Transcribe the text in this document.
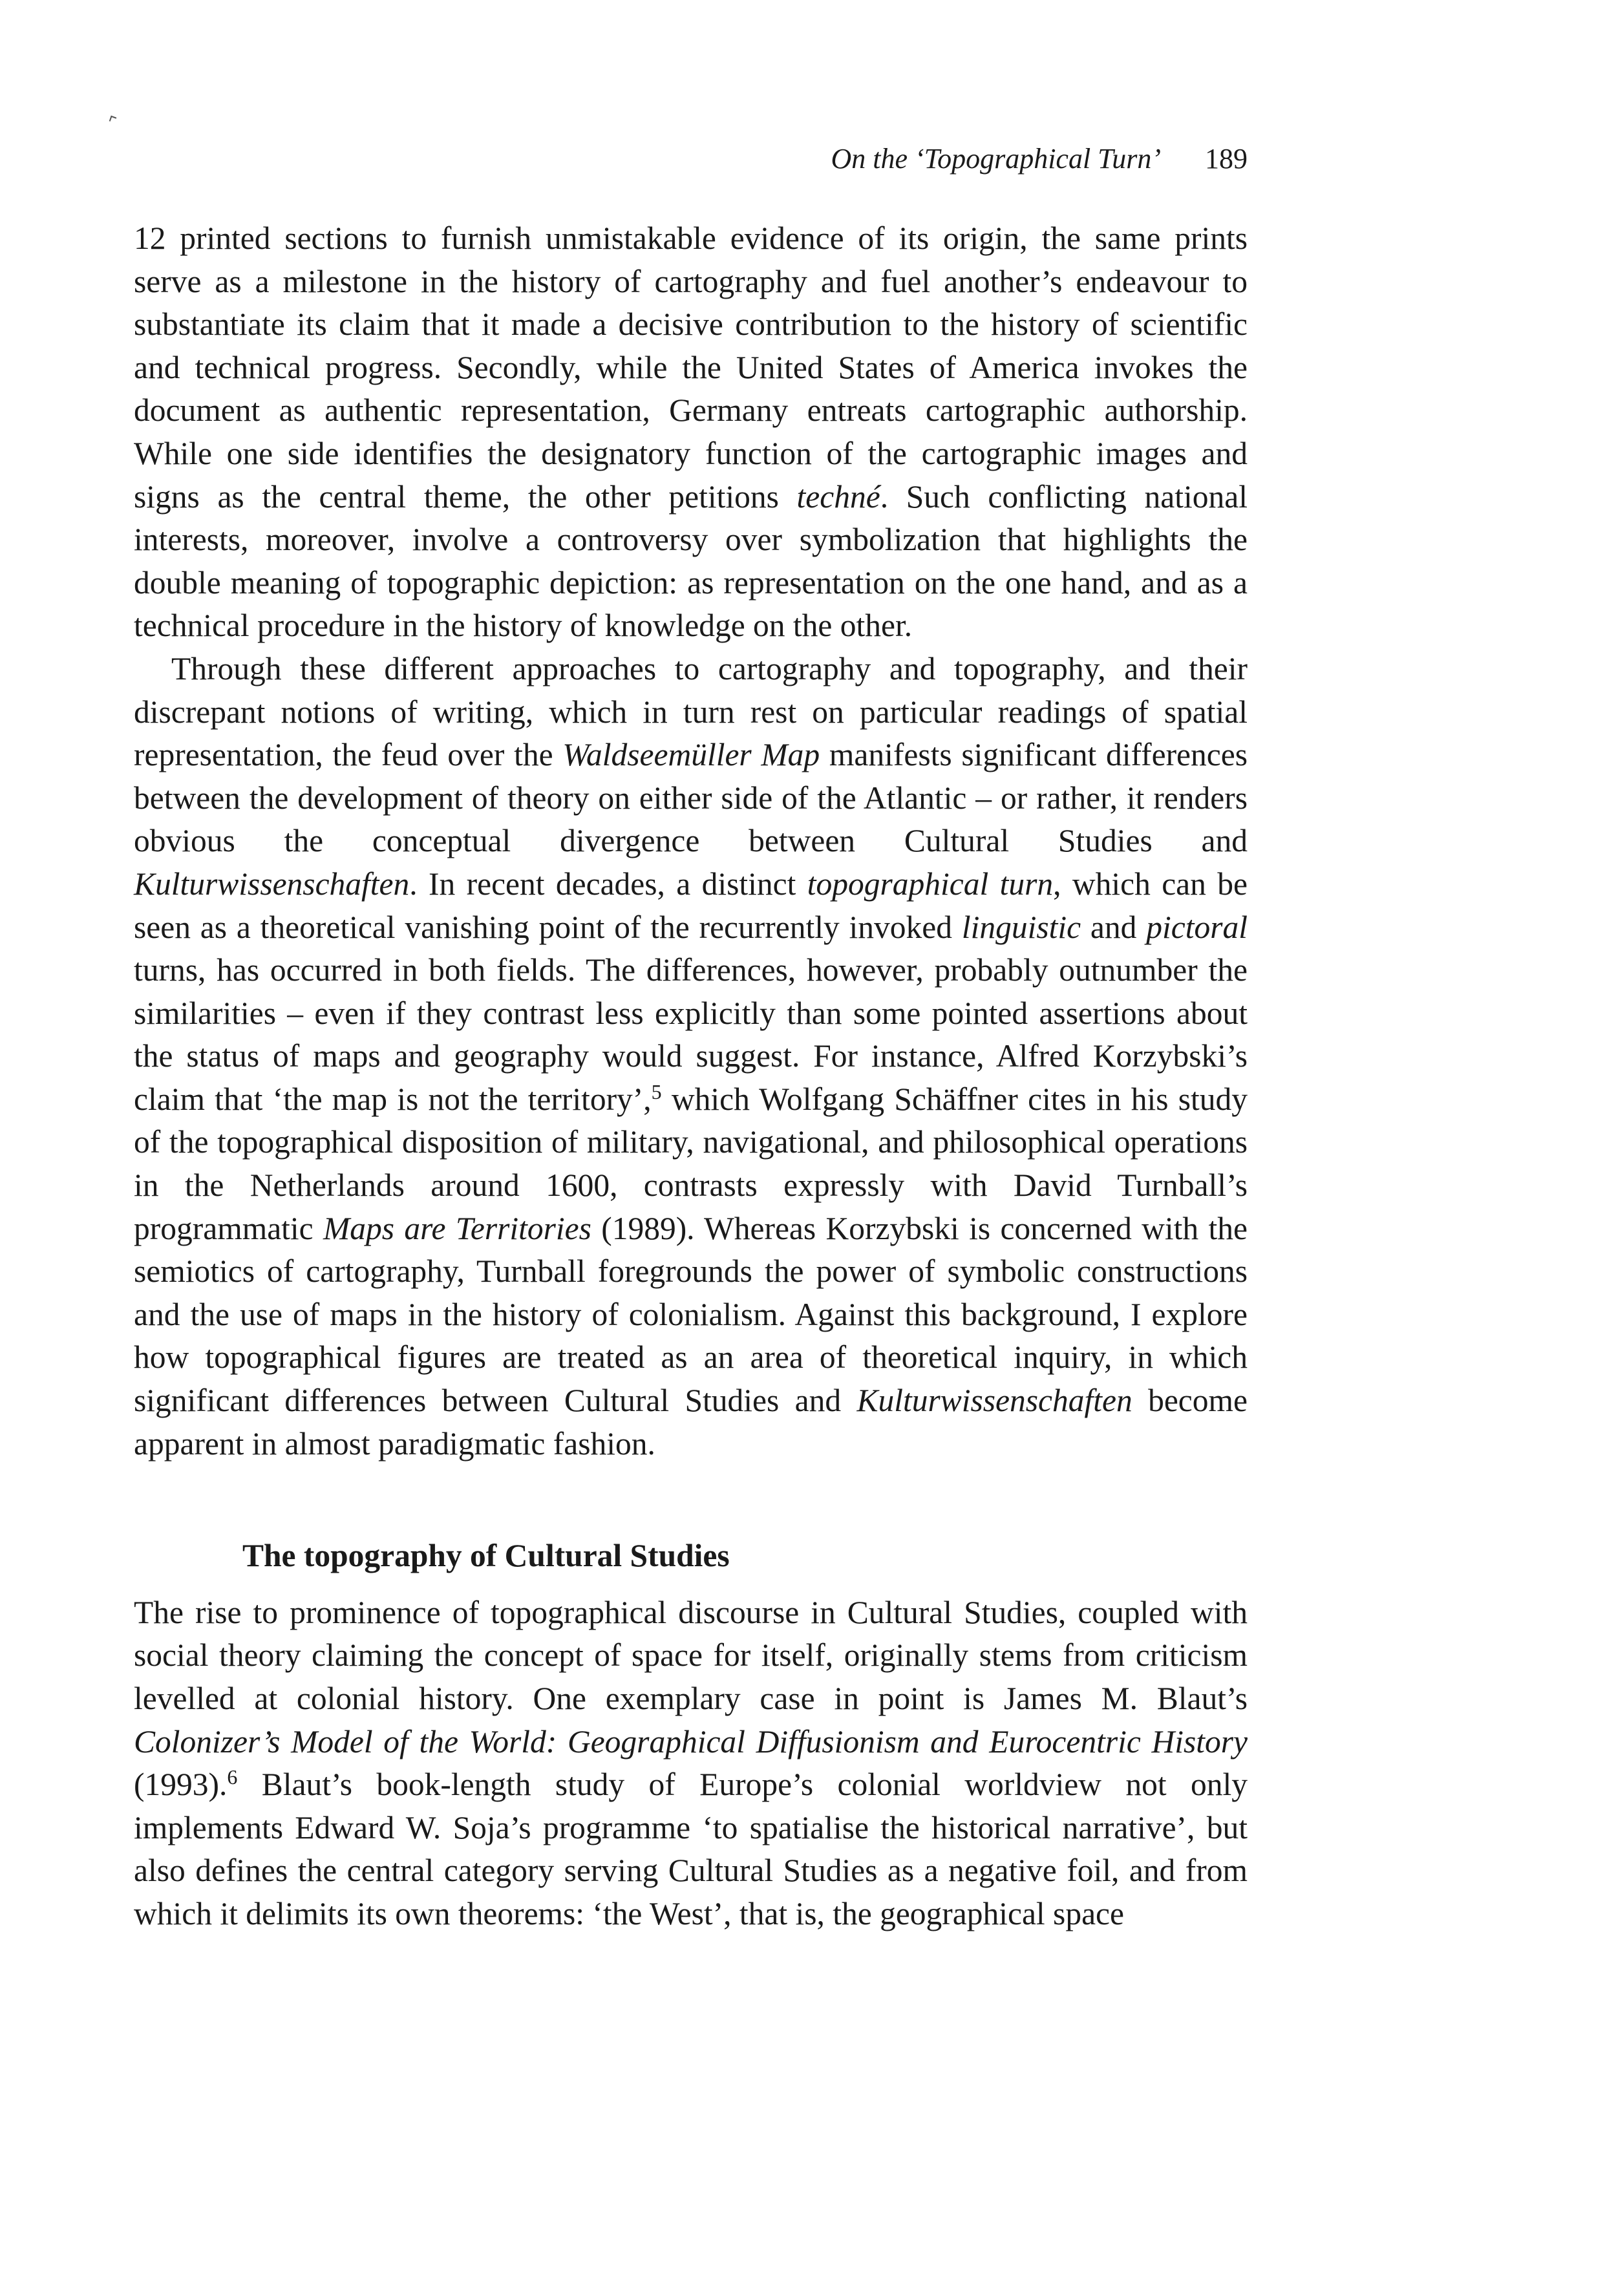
On the ‘Topographical Turn’ 189

12 printed sections to furnish unmistakable evidence of its origin, the same prints serve as a milestone in the history of cartography and fuel another’s endeavour to substantiate its claim that it made a decisive contribution to the history of scientific and technical progress. Secondly, while the United States of America invokes the document as authentic representation, Germany entreats cartographic authorship. While one side identifies the designatory function of the cartographic images and signs as the central theme, the other petitions techné. Such conflicting national interests, moreover, involve a controversy over symbolization that highlights the double meaning of topographic depiction: as representation on the one hand, and as a technical procedure in the history of knowledge on the other.

Through these different approaches to cartography and topography, and their discrepant notions of writing, which in turn rest on particular readings of spatial representation, the feud over the Waldseemüller Map manifests significant differences between the development of theory on either side of the Atlantic – or rather, it renders obvious the conceptual divergence between Cultural Studies and Kulturwissenschaften. In recent decades, a distinct topographical turn, which can be seen as a theoretical vanishing point of the recurrently invoked linguistic and pictoral turns, has occurred in both fields. The differences, however, probably outnumber the similarities – even if they contrast less explicitly than some pointed assertions about the status of maps and geography would suggest. For instance, Alfred Korzybski’s claim that ‘the map is not the territory’,$^5$ which Wolfgang Schäffner cites in his study of the topographical disposition of military, navigational, and philosophical operations in the Netherlands around 1600, contrasts expressly with David Turnball’s programmatic Maps are Territories (1989). Whereas Korzybski is concerned with the semiotics of cartography, Turnball foregrounds the power of symbolic constructions and the use of maps in the history of colonialism. Against this background, I explore how topographical figures are treated as an area of theoretical inquiry, in which significant differences between Cultural Studies and Kulturwissenschaften become apparent in almost paradigmatic fashion.

The topography of Cultural Studies

The rise to prominence of topographical discourse in Cultural Studies, coupled with social theory claiming the concept of space for itself, originally stems from criticism levelled at colonial history. One exemplary case in point is James M. Blaut’s Colonizer’s Model of the World: Geographical Diffusionism and Eurocentric History (1993).$^6$ Blaut’s book-length study of Europe’s colonial worldview not only implements Edward W. Soja’s programme ‘to spatialise the historical narrative’, but also defines the central category serving Cultural Studies as a negative foil, and from which it delimits its own theorems: ‘the West’, that is, the geographical space
